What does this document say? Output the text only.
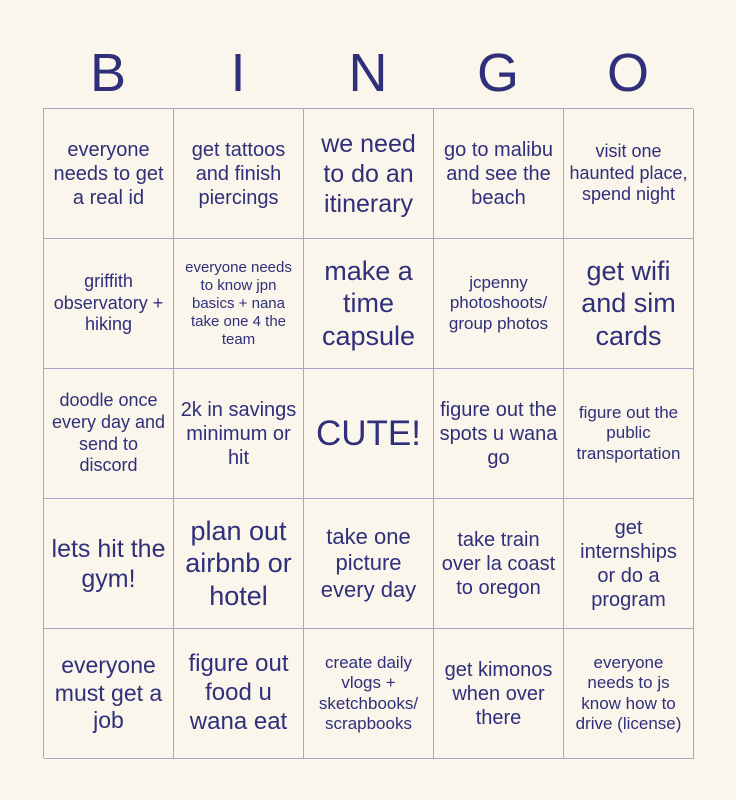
B	I	N	G	O
everyone needs to get a real id
get tattoos and finish piercings
we need to do an itinerary
go to malibu and see the beach
visit one haunted place, spend night
griffith observatory + hiking
everyone needs to know jpn basics + nana take one 4 the team
make a time capsule
jcpenny photoshoots/ group photos
get wifi and sim cards
doodle once every day and send to discord
2k in savings minimum or hit
CUTE!
figure out the spots u wana go
figure out the public transportation
lets hit the gym!
plan out airbnb or hotel
take one picture every day
take train over la coast to oregon
get internships or do a program
everyone must get a job
figure out food u wana eat
create daily vlogs + sketchbooks/ scrapbooks
get kimonos when over there
everyone needs to js know how to drive (license)
